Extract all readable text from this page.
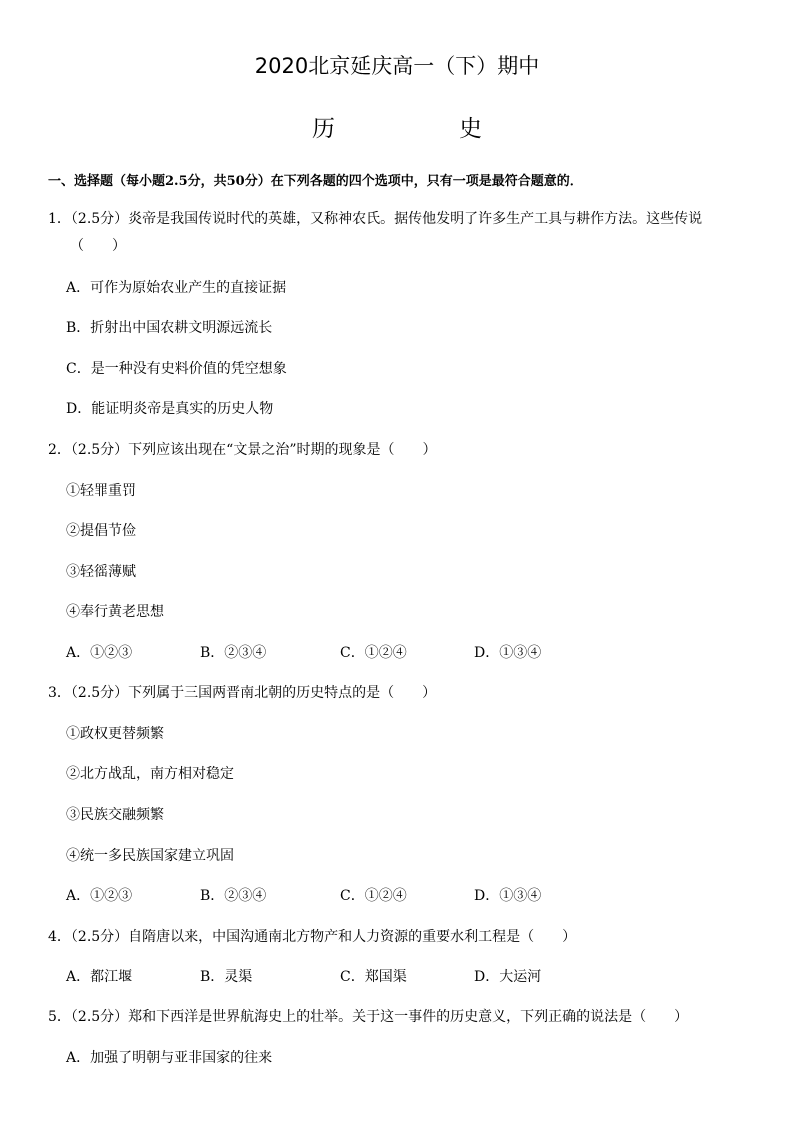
2020北京延庆高一（下）期中
历　　史
一、选择题（每小题2.5分，共50分）在下列各题的四个选项中，只有一项是最符合题意的．
1．（2.5分）炎帝是我国传说时代的英雄，又称神农氏。据传他发明了许多生产工具与耕作方法。这些传说
（　　）
A．可作为原始农业产生的直接证据
B．折射出中国农耕文明源远流长
C．是一种没有史料价值的凭空想象
D．能证明炎帝是真实的历史人物
2．（2.5分）下列应该出现在“文景之治”时期的现象是（　　）
①轻罪重罚
②提倡节俭
③轻徭薄赋
④奉行黄老思想
A．①②③	B．②③④	C．①②④	D．①③④
3．（2.5分）下列属于三国两晋南北朝的历史特点的是（　　）
①政权更替频繁
②北方战乱，南方相对稳定
③民族交融频繁
④统一多民族国家建立巩固
A．①②③	B．②③④	C．①②④	D．①③④
4．（2.5分）自隋唐以来，中国沟通南北方物产和人力资源的重要水利工程是（　　）
A．都江堰	B．灵渠	C．郑国渠	D．大运河
5．（2.5分）郑和下西洋是世界航海史上的壮举。关于这一事件的历史意义，下列正确的说法是（　　）
A．加强了明朝与亚非国家的往来
